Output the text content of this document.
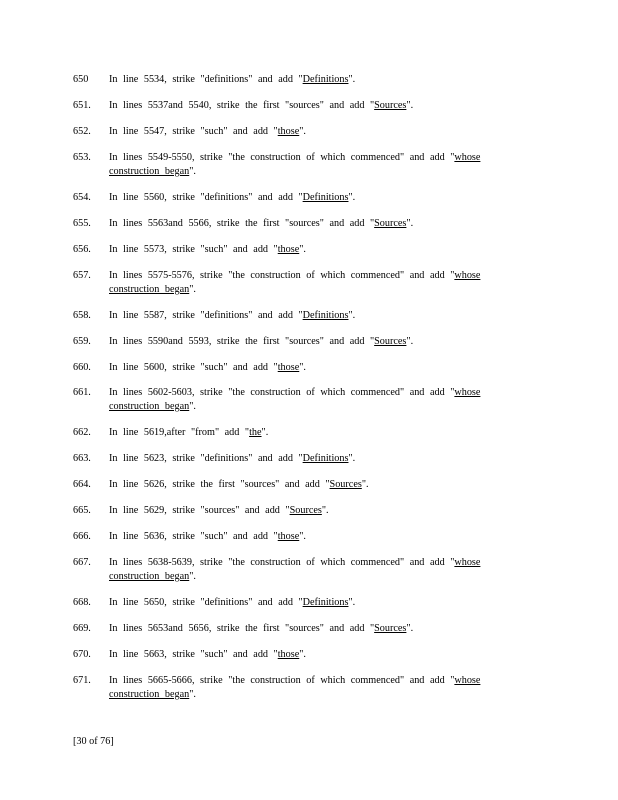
650	In line 5534, strike "definitions" and add "Definitions".
651.	In lines 5537and 5540, strike the first "sources" and add "Sources".
652.	In line 5547, strike "such" and add "those".
653.	In lines 5549-5550, strike "the construction of which commenced" and add "whose
construction began".
654.	In line 5560, strike "definitions" and add "Definitions".
655.	In lines 5563and 5566, strike the first "sources" and add "Sources".
656.	In line 5573, strike "such" and add "those".
657.	In lines 5575-5576, strike "the construction of which commenced" and add "whose
construction began".
658.	In line 5587, strike "definitions" and add "Definitions".
659.	In lines 5590and 5593, strike the first "sources" and add "Sources".
660.	In line 5600, strike "such" and add "those".
661.	In lines 5602-5603, strike "the construction of which commenced" and add "whose
construction began".
662.	In line 5619,after "from" add "the".
663.	In line 5623, strike "definitions" and add "Definitions".
664.	In line 5626, strike the first "sources" and add "Sources".
665.	In line 5629, strike "sources" and add "Sources".
666.	In line 5636, strike "such" and add "those".
667.	In lines 5638-5639, strike "the construction of which commenced" and add "whose
construction began".
668.	In line 5650, strike "definitions" and add "Definitions".
669.	In lines 5653and 5656, strike the first "sources" and add "Sources".
670.	In line 5663, strike "such" and add "those".
671.	In lines 5665-5666, strike "the construction of which commenced" and add "whose
construction began".
[30 of 76]
